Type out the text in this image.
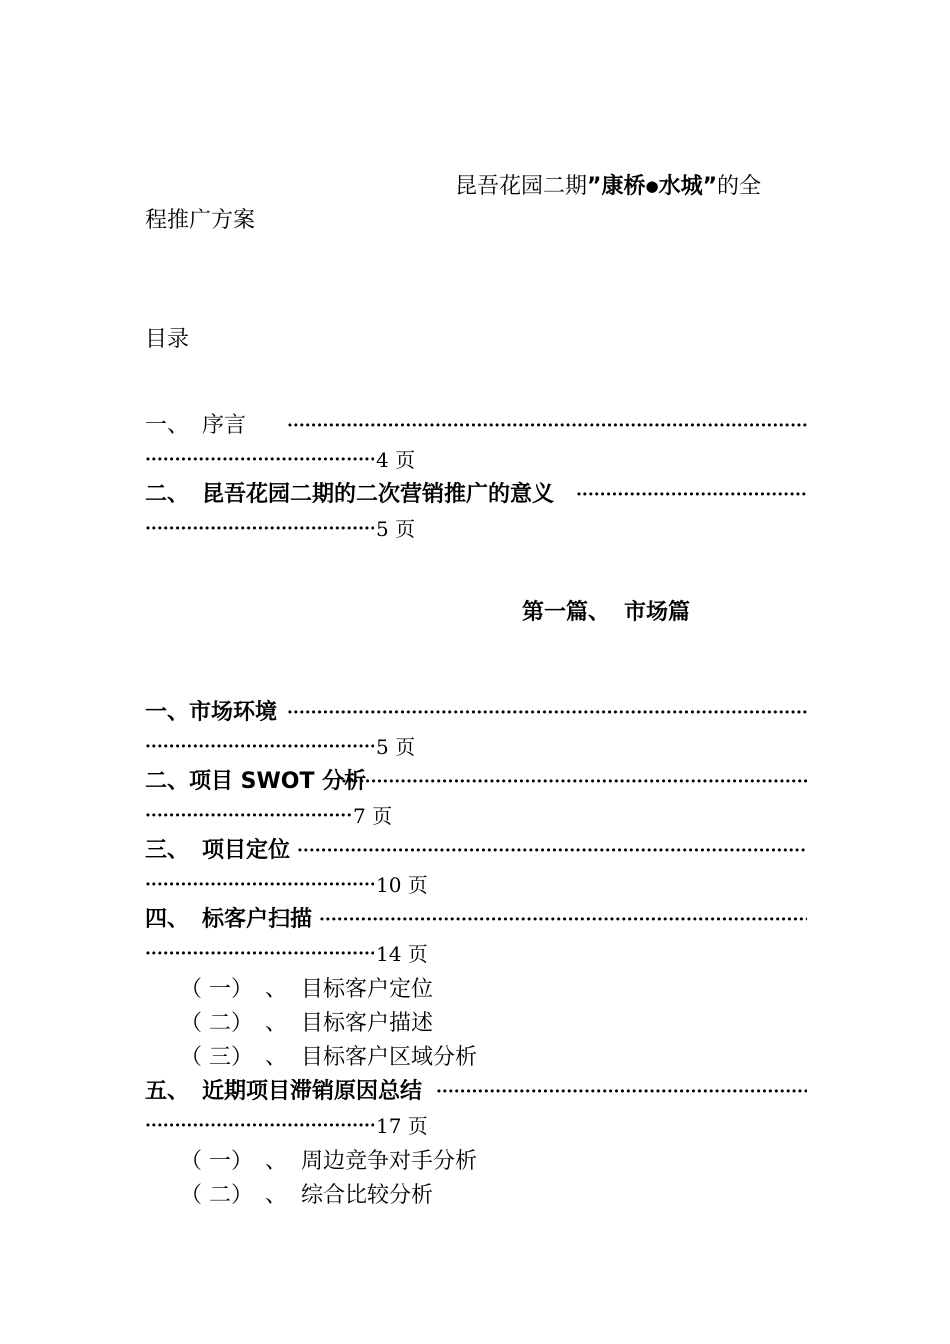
昆吾花园二期”康桥●水城”的全
程推广方案
目录
一、 序言
·····
·····
4 页
二、 昆吾花园二期的二次营销推广的意义
·····
·····
5 页
第一篇、 市场篇
一、市场环境
·····
·····
5 页
二、项目 SWOT 分析
·····
·····
7 页
三、 项目定位
·····
·····
10 页
四、 标客户扫描
·····
·····
14 页
（ 一） 、 目标客户定位
（ 二） 、 目标客户描述
（ 三） 、 目标客户区域分析
五、 近期项目滞销原因总结
·····
·····
17 页
（ 一） 、 周边竞争对手分析
（ 二） 、 综合比较分析
